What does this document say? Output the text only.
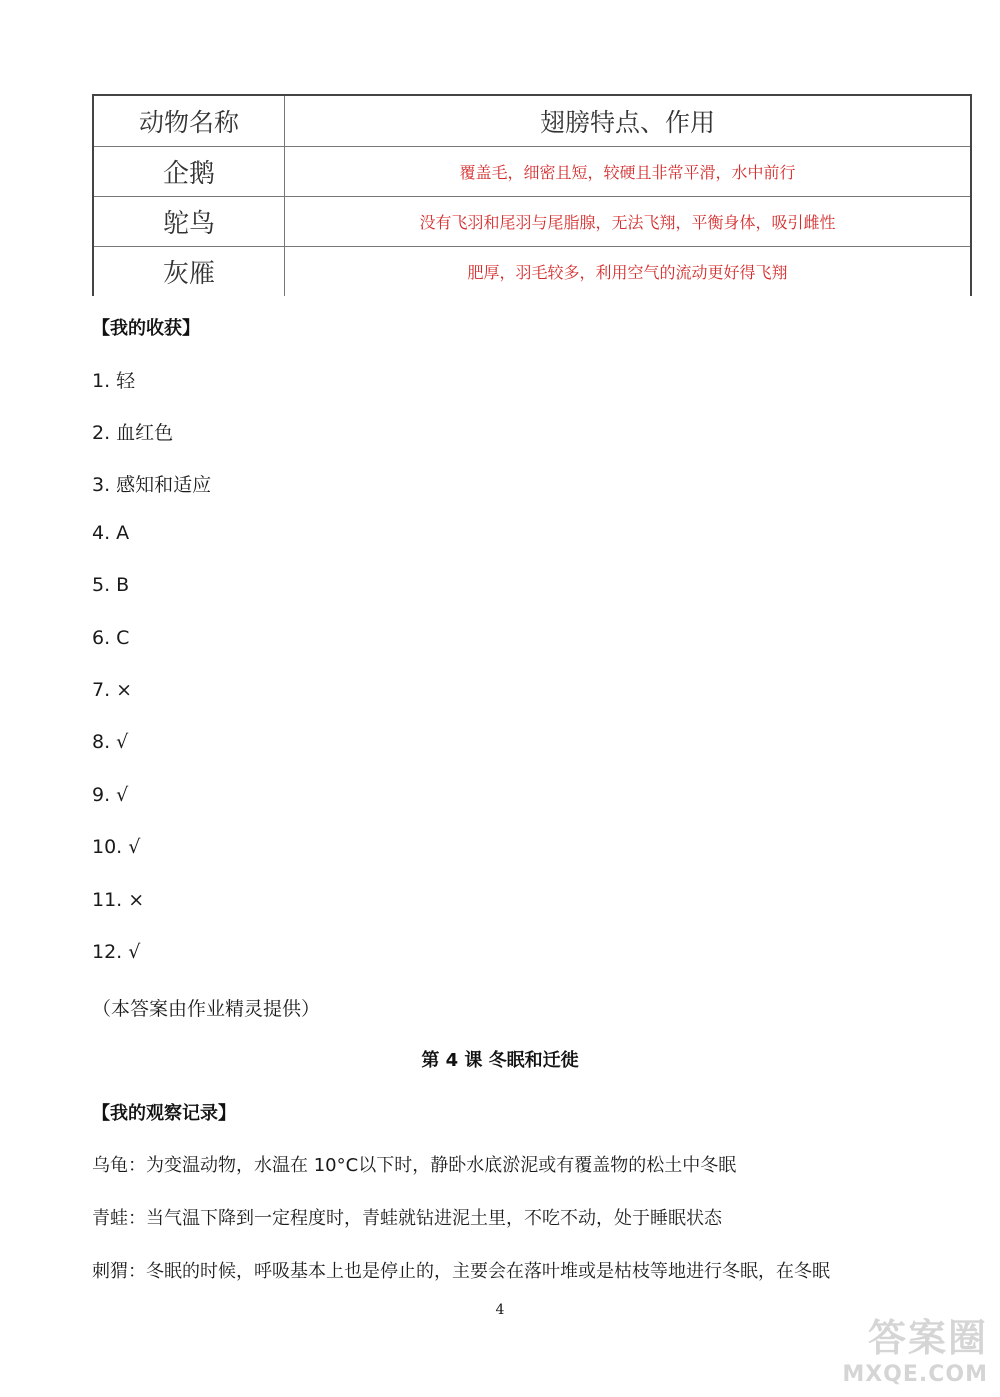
动物名称	翅膀特点、作用
企鹅	覆盖毛，细密且短，较硬且非常平滑，水中前行
鸵鸟	没有飞羽和尾羽与尾脂腺，无法飞翔，平衡身体，吸引雌性
灰雁	肥厚，羽毛较多，利用空气的流动更好得飞翔
【我的收获】
1. 轻
2. 血红色
3. 感知和适应
4. A
5. B
6. C
7. ×
8. √
9. √
10. √
11. ×
12. √
（本答案由作业精灵提供）
第 4 课 冬眠和迁徙
【我的观察记录】
乌龟：为变温动物，水温在 10°C以下时，静卧水底淤泥或有覆盖物的松土中冬眠
青蛙：当气温下降到一定程度时，青蛙就钻进泥土里，不吃不动，处于睡眠状态
刺猬：冬眠的时候，呼吸基本上也是停止的，主要会在落叶堆或是枯枝等地进行冬眠，在冬眠
4
答案圈
MXQE.COM
